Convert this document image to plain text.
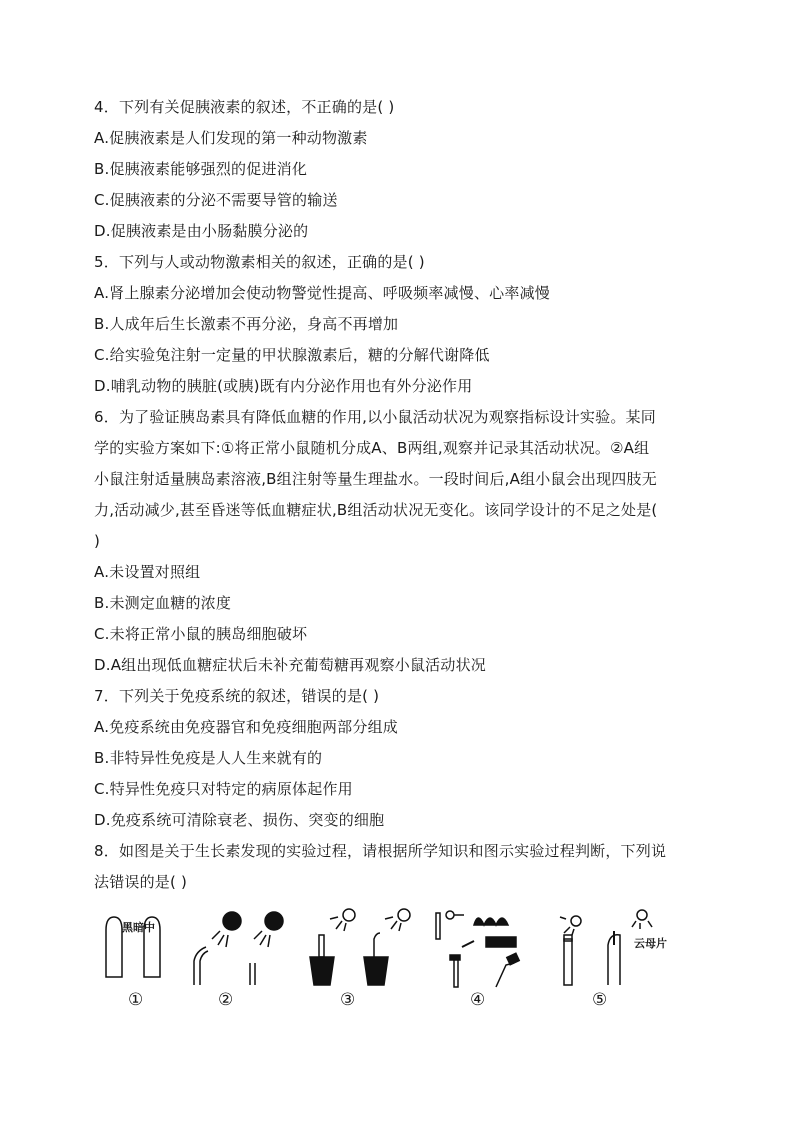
4．下列有关促胰液素的叙述，不正确的是( )
A.促胰液素是人们发现的第一种动物激素
B.促胰液素能够强烈的促进消化
C.促胰液素的分泌不需要导管的输送
D.促胰液素是由小肠黏膜分泌的
5．下列与人或动物激素相关的叙述，正确的是( )
A.肾上腺素分泌增加会使动物警觉性提高、呼吸频率减慢、心率减慢
B.人成年后生长激素不再分泌，身高不再增加
C.给实验兔注射一定量的甲状腺激素后，糖的分解代谢降低
D.哺乳动物的胰脏(或胰)既有内分泌作用也有外分泌作用
6．为了验证胰岛素具有降低血糖的作用,以小鼠活动状况为观察指标设计实验。某同
学的实验方案如下:①将正常小鼠随机分成A、B两组,观察并记录其活动状况。②A组
小鼠注射适量胰岛素溶液,B组注射等量生理盐水。一段时间后,A组小鼠会出现四肢无
力,活动减少,甚至昏迷等低血糖症状,B组活动状况无变化。该同学设计的不足之处是(
)
A.未设置对照组
B.未测定血糖的浓度
C.未将正常小鼠的胰岛细胞破坏
D.A组出现低血糖症状后未补充葡萄糖再观察小鼠活动状况
7．下列关于免疫系统的叙述，错误的是( )
A.免疫系统由免疫器官和免疫细胞两部分组成
B.非特异性免疫是人人生来就有的
C.特异性免疫只对特定的病原体起作用
D.免疫系统可清除衰老、损伤、突变的细胞
8．如图是关于生长素发现的实验过程，请根据所学知识和图示实验过程判断，下列说
法错误的是( )
黑暗中
云母片
①	②	③	④	⑤
